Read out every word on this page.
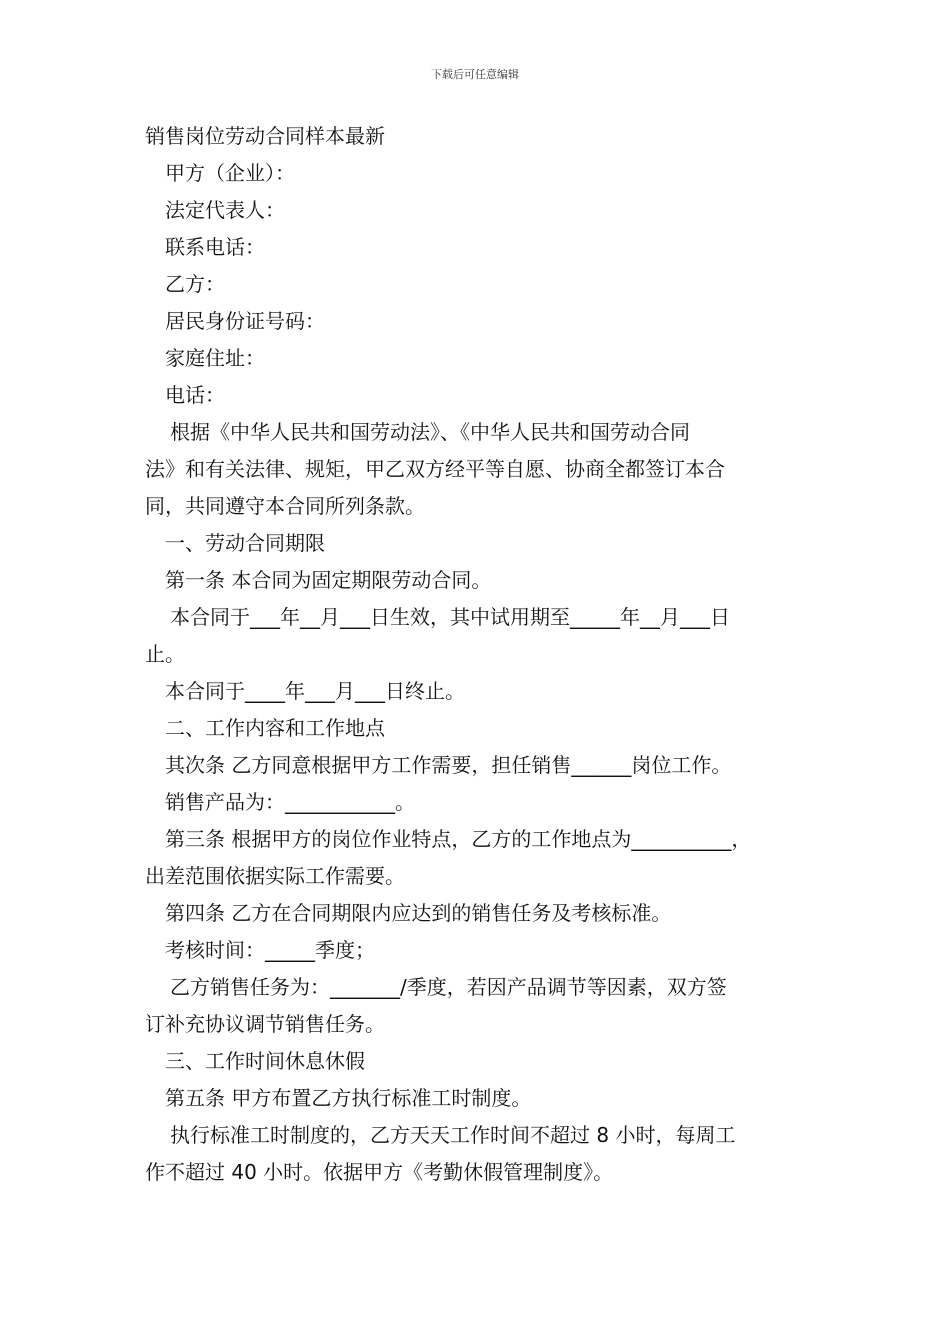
下载后可任意编辑
销售岗位劳动合同样本最新
甲方（企业）：
法定代表人：
联系电话：
乙方：
居民身份证号码：
家庭住址：
电话：
根据《中华人民共和国劳动法》、《中华人民共和国劳动合同
法》和有关法律、规矩，甲乙双方经平等自愿、协商全都签订本合
同，共同遵守本合同所列条款。
一、劳动合同期限
第一条 本合同为固定期限劳动合同。
本合同于___年__月___日生效，其中试用期至_____年__月___日
止。
本合同于____年___月___日终止。
二、工作内容和工作地点
其次条 乙方同意根据甲方工作需要，担任销售______岗位工作。
销售产品为：___________。
第三条 根据甲方的岗位作业特点，乙方的工作地点为__________，
出差范围依据实际工作需要。
第四条 乙方在合同期限内应达到的销售任务及考核标准。
考核时间：_____季度；
乙方销售任务为：_______/季度，若因产品调节等因素，双方签
订补充协议调节销售任务。
三、工作时间休息休假
第五条 甲方布置乙方执行标准工时制度。
执行标准工时制度的，乙方天天工作时间不超过 8 小时，每周工
作不超过 40 小时。依据甲方《考勤休假管理制度》。
